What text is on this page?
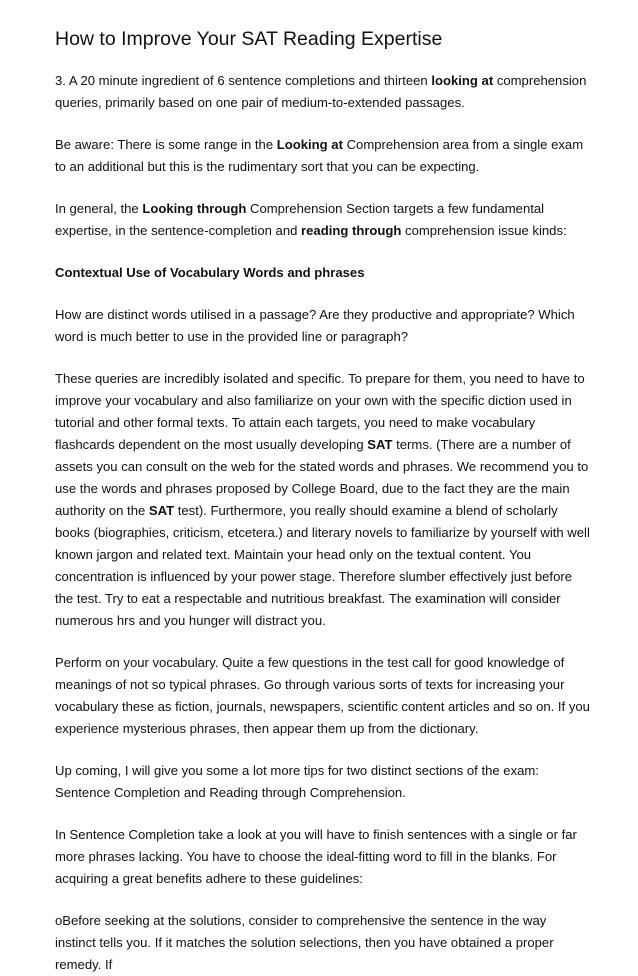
How to Improve Your SAT Reading Expertise

3. A 20 minute ingredient of 6 sentence completions and thirteen looking at comprehension queries, primarily based on one pair of medium-to-extended passages.

Be aware: There is some range in the Looking at Comprehension area from a single exam to an additional but this is the rudimentary sort that you can be expecting.

In general, the Looking through Comprehension Section targets a few fundamental expertise, in the sentence-completion and reading through comprehension issue kinds:

Contextual Use of Vocabulary Words and phrases

How are distinct words utilised in a passage? Are they productive and appropriate? Which word is much better to use in the provided line or paragraph?

These queries are incredibly isolated and specific. To prepare for them, you need to have to improve your vocabulary and also familiarize on your own with the specific diction used in tutorial and other formal texts. To attain each targets, you need to make vocabulary flashcards dependent on the most usually developing SAT terms. (There are a number of assets you can consult on the web for the stated words and phrases. We recommend you to use the words and phrases proposed by College Board, due to the fact they are the main authority on the SAT test). Furthermore, you really should examine a blend of scholarly books (biographies, criticism, etcetera.) and literary novels to familiarize by yourself with well known jargon and related text. Maintain your head only on the textual content. You concentration is influenced by your power stage. Therefore slumber effectively just before the test. Try to eat a respectable and nutritious breakfast. The examination will consider numerous hrs and you hunger will distract you.

Perform on your vocabulary. Quite a few questions in the test call for good knowledge of meanings of not so typical phrases. Go through various sorts of texts for increasing your vocabulary these as fiction, journals, newspapers, scientific content articles and so on. If you experience mysterious phrases, then appear them up from the dictionary.

Up coming, I will give you some a lot more tips for two distinct sections of the exam: Sentence Completion and Reading through Comprehension.

In Sentence Completion take a look at you will have to finish sentences with a single or far more phrases lacking. You have to choose the ideal-fitting word to fill in the blanks. For acquiring a great benefits adhere to these guidelines:

oBefore seeking at the solutions, consider to comprehensive the sentence in the way instinct tells you. If it matches the solution selections, then you have obtained a proper remedy. If
